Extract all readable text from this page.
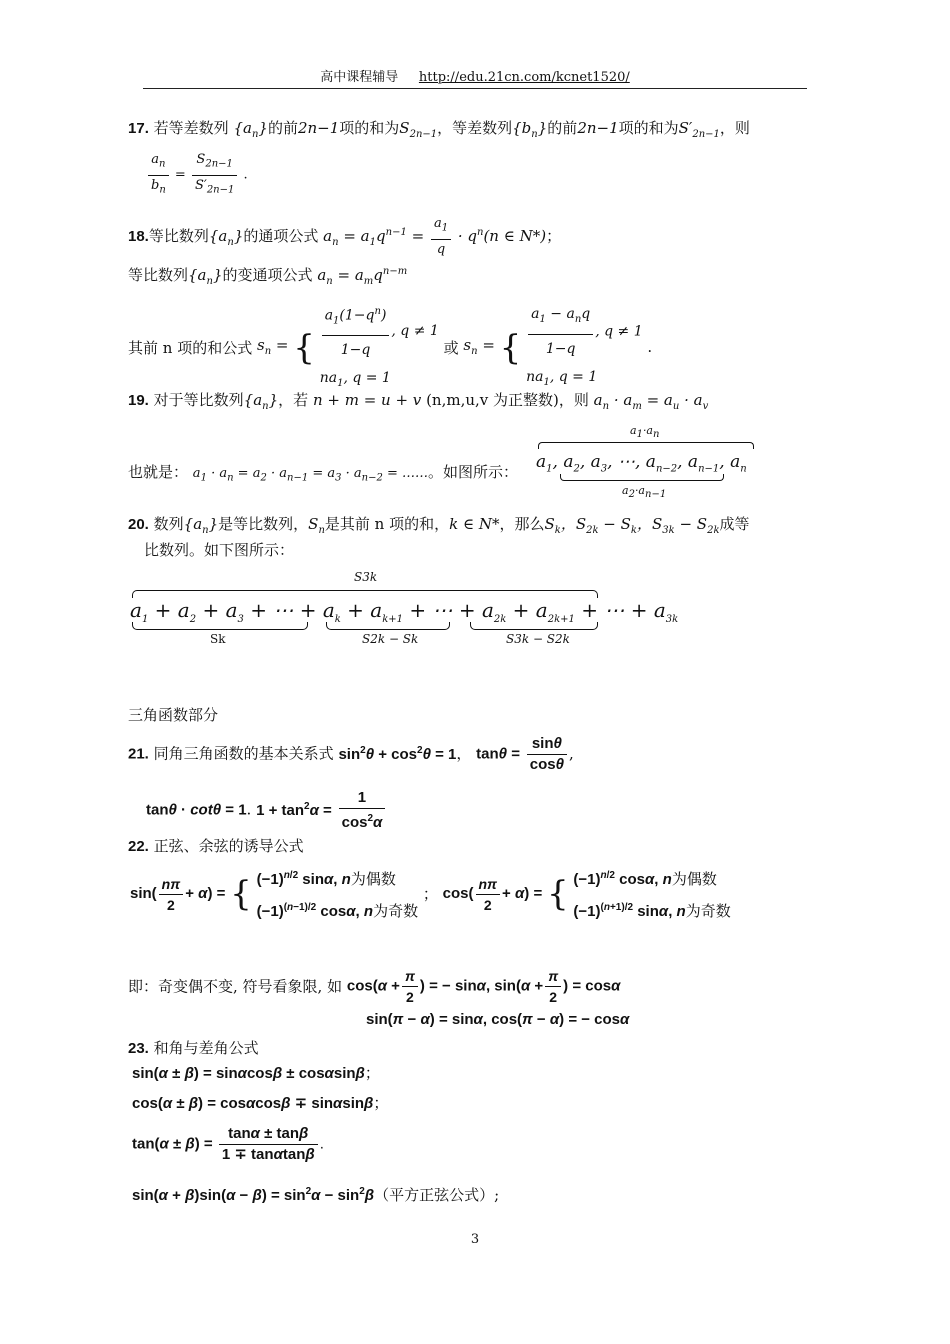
高中课程辅导 http://edu.21cn.com/kcnet1520/
17. 若等差数列 $\{a_n\}$的前2n−1项的和为$S_{2n-1}$，等差数列$\{b_n\}$的前2n−1项的和为$S'_{2n-1}$，则
$\frac{a_n}{b_n} = \frac{S_{2n-1}}{S'_{2n-1}}$ .
18.等比数列$\{a_n\}$的通项公式 $a_n = a_1q^{n-1} = \frac{a_1}{q} \cdot q^n(n$ ∈ N*)；
等比数列$\{a_n\}$的变通项公式 $a_n = a_mq^{n-m}$
其前 n 项的和公式 $s_n$ = { $\frac{a_1(1-q^n)}{1-q}$ , q ≠ 1
$na_1$, q = 1
或 $s_n$ = { $\frac{a_1 - a_nq}{1-q}$ , q ≠ 1
$na_1$, q = 1
.
19. 对于等比数列$\{a_n\}$，若 n + m = u + v (n,m,u,v 为正整数)，则 $a_n \cdot a_m = a_u \cdot a_v$
也就是： $a_1 \cdot a_n = a_2 \cdot a_{n-1} = a_3 \cdot a_{n-2}$ = ……。如图所示：
$a_1\cdot a_n$
$a_1$, $a_2$, $a_3$, ⋯, $a_{n-2}$, $a_{n-1}$, $a_n$
$a_2\cdot a_{n-1}$
20. 数列$\{a_n\}$是等比数列，$S_n$是其前 n 项的和，k ∈ N*，那么$S_k$，$S_{2k} - S_k$，$S_{3k} - S_{2k}$成等
比数列。如下图所示：
S3k
$a_1 + a_2 + a_3$ + ⋯ + $a_k + a_{k+1}$ + ⋯ + $a_{2k} + a_{2k+1}$ + ⋯ + $a_{3k}$
Sk	S2k − Sk	S3k − S2k
三角函数部分
21. 同角三角函数的基本关系式 $\sin^2\theta + \cos^2\theta = 1$， $\tan\theta = \frac{\sin\theta}{\cos\theta}$ ,
tanθ · cotθ = 1. $1 + \tan^2\alpha = \frac{1}{\cos^2\alpha}$
22. 正弦、余弦的诱导公式
$\sin( \frac{n\pi}{2} + \alpha)$ = { $(-1)^{n/2}$ sinα, n为偶数
$(-1)^{(n-1)/2}$ cosα, n为奇数
； $\cos( \frac{n\pi}{2} + \alpha)$ = { $(-1)^{n/2}$ cosα, n为偶数
$(-1)^{(n+1)/2}$ sinα, n为奇数
即：奇变偶不变, 符号看象限, 如 $\cos(\alpha + \frac{\pi}{2}$ ) = − sinα, $\sin(\alpha + \frac{\pi}{2}$ ) = cosα
sin(π − α) = sinα, cos(π − α) = − cosα
23. 和角与差角公式
sin(α ± β) = sinαcosβ ± cosαsinβ；
cos(α ± β) = cosαcosβ ∓ sinαsinβ；
$\tan(\alpha \pm \beta) = \frac{\tan\alpha \pm \tan\beta}{1 \mp \tan\alpha\tan\beta}$ .
$\sin(\alpha + \beta)\sin(\alpha - \beta) = \sin^2\alpha - \sin^2\beta$（平方正弦公式）;
3
